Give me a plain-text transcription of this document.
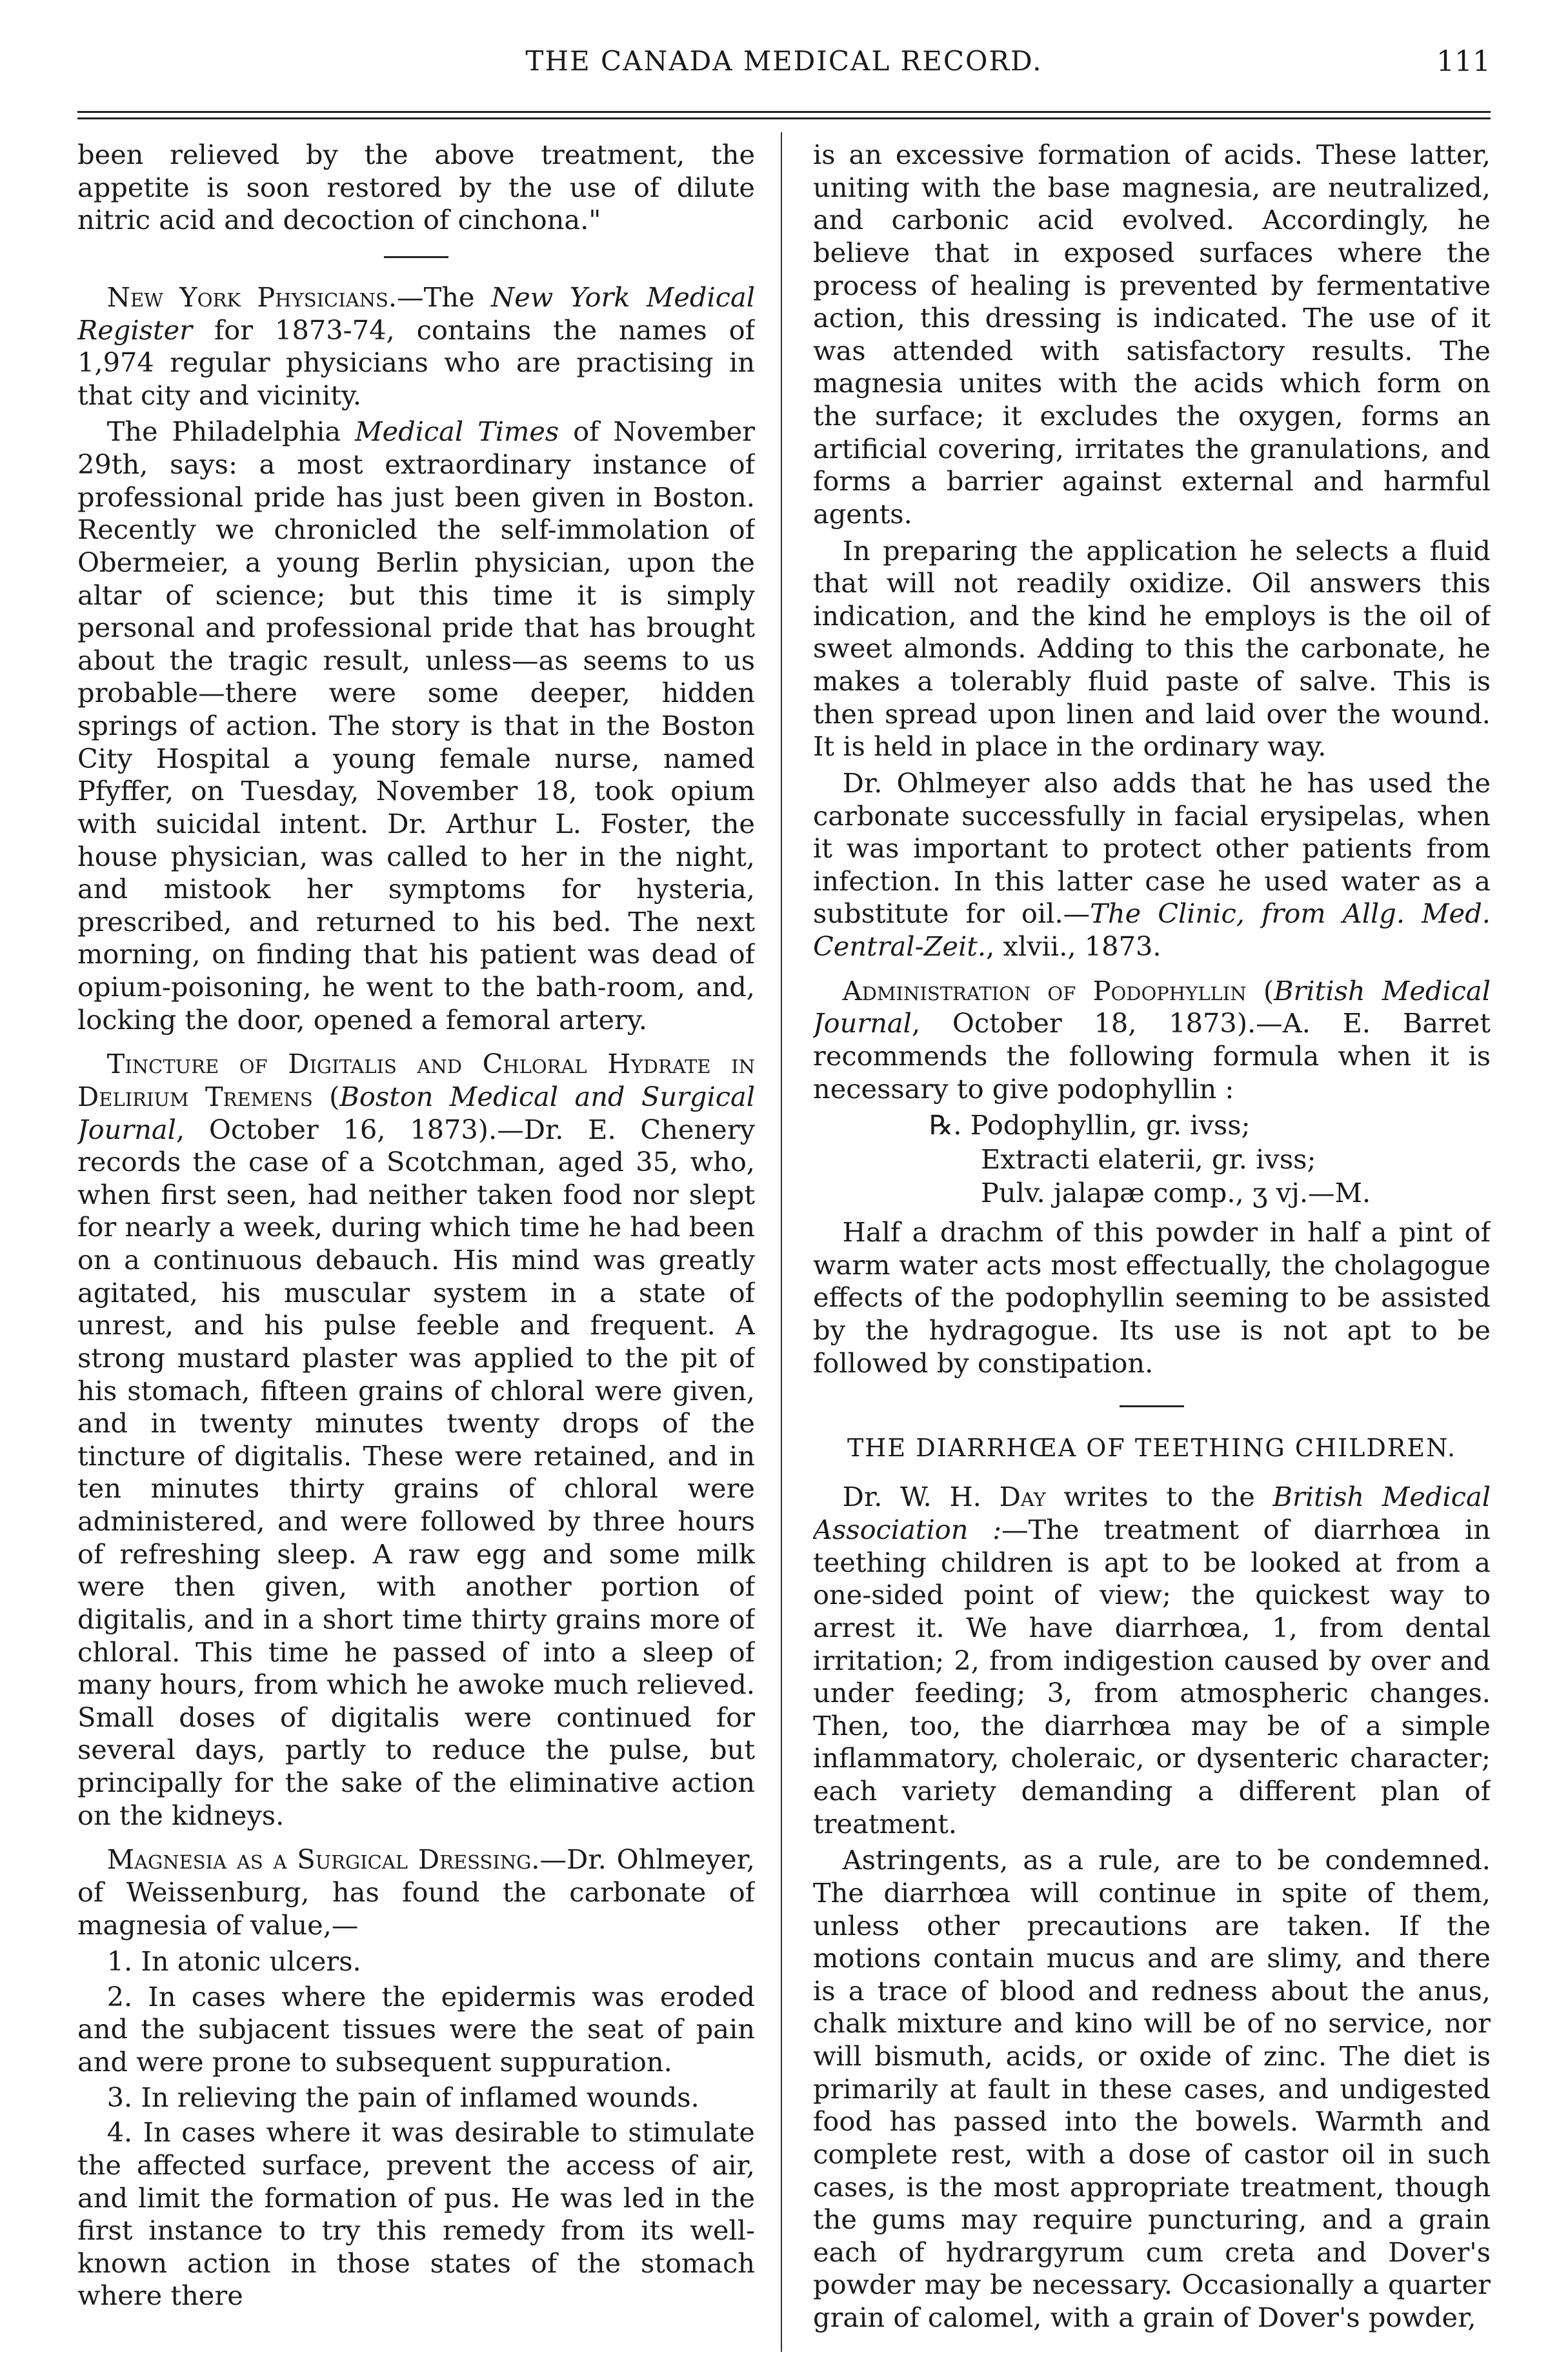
THE CANADA MEDICAL RECORD.	111

been relieved by the above treatment, the appetite is soon restored by the use of dilute nitric acid and decoction of cinchona."

New York Physicians.—The New York Medical Register for 1873-74, contains the names of 1,974 regular physicians who are practising in that city and vicinity.

The Philadelphia Medical Times of November 29th, says: a most extraordinary instance of professional pride has just been given in Boston. Recently we chronicled the self-immolation of Obermeier, a young Berlin physician, upon the altar of science; but this time it is simply personal and professional pride that has brought about the tragic result, unless—as seems to us probable—there were some deeper, hidden springs of action. The story is that in the Boston City Hospital a young female nurse, named Pfyffer, on Tuesday, November 18, took opium with suicidal intent. Dr. Arthur L. Foster, the house physician, was called to her in the night, and mistook her symptoms for hysteria, prescribed, and returned to his bed. The next morning, on finding that his patient was dead of opium-poisoning, he went to the bath-room, and, locking the door, opened a femoral artery.

Tincture of Digitalis and Chloral Hydrate in Delirium Tremens (Boston Medical and Surgical Journal, October 16, 1873).—Dr. E. Chenery records the case of a Scotchman, aged 35, who, when first seen, had neither taken food nor slept for nearly a week, during which time he had been on a continuous debauch. His mind was greatly agitated, his muscular system in a state of unrest, and his pulse feeble and frequent. A strong mustard plaster was applied to the pit of his stomach, fifteen grains of chloral were given, and in twenty minutes twenty drops of the tincture of digitalis. These were retained, and in ten minutes thirty grains of chloral were administered, and were followed by three hours of refreshing sleep. A raw egg and some milk were then given, with another portion of digitalis, and in a short time thirty grains more of chloral. This time he passed of into a sleep of many hours, from which he awoke much relieved. Small doses of digitalis were continued for several days, partly to reduce the pulse, but principally for the sake of the eliminative action on the kidneys.

Magnesia as a Surgical Dressing.—Dr. Ohlmeyer, of Weissenburg, has found the carbonate of magnesia of value,—

1. In atonic ulcers.
2. In cases where the epidermis was eroded and the subjacent tissues were the seat of pain and were prone to subsequent suppuration.
3. In relieving the pain of inflamed wounds.
4. In cases where it was desirable to stimulate the affected surface, prevent the access of air, and limit the formation of pus. He was led in the first instance to try this remedy from its well-known action in those states of the stomach where there

is an excessive formation of acids. These latter, uniting with the base magnesia, are neutralized, and carbonic acid evolved. Accordingly, he believe that in exposed surfaces where the process of healing is prevented by fermentative action, this dressing is indicated. The use of it was attended with satisfactory results. The magnesia unites with the acids which form on the surface; it excludes the oxygen, forms an artificial covering, irritates the granulations, and forms a barrier against external and harmful agents.

In preparing the application he selects a fluid that will not readily oxidize. Oil answers this indication, and the kind he employs is the oil of sweet almonds. Adding to this the carbonate, he makes a tolerably fluid paste of salve. This is then spread upon linen and laid over the wound. It is held in place in the ordinary way.

Dr. Ohlmeyer also adds that he has used the carbonate successfully in facial erysipelas, when it was important to protect other patients from infection. In this latter case he used water as a substitute for oil.—The Clinic, from Allg. Med. Central-Zeit., xlvii., 1873.

Administration of Podophyllin (British Medical Journal, October 18, 1873).—A. E. Barret recommends the following formula when it is necessary to give podophyllin :

℞. Podophyllin, gr. ivss;
Extracti elaterii, gr. ivss;
Pulv. jalapæ comp., ʒ vj.—M.

Half a drachm of this powder in half a pint of warm water acts most effectually, the cholagogue effects of the podophyllin seeming to be assisted by the hydragogue. Its use is not apt to be followed by constipation.

THE DIARRHŒA OF TEETHING CHILDREN.

Dr. W. H. Day writes to the British Medical Association :—The treatment of diarrhœa in teething children is apt to be looked at from a one-sided point of view; the quickest way to arrest it. We have diarrhœa, 1, from dental irritation; 2, from indigestion caused by over and under feeding; 3, from atmospheric changes. Then, too, the diarrhœa may be of a simple inflammatory, choleraic, or dysenteric character; each variety demanding a different plan of treatment.

Astringents, as a rule, are to be condemned. The diarrhœa will continue in spite of them, unless other precautions are taken. If the motions contain mucus and are slimy, and there is a trace of blood and redness about the anus, chalk mixture and kino will be of no service, nor will bismuth, acids, or oxide of zinc. The diet is primarily at fault in these cases, and undigested food has passed into the bowels. Warmth and complete rest, with a dose of castor oil in such cases, is the most appropriate treatment, though the gums may require puncturing, and a grain each of hydrargyrum cum creta and Dover's powder may be necessary. Occasionally a quarter grain of calomel, with a grain of Dover's powder,
